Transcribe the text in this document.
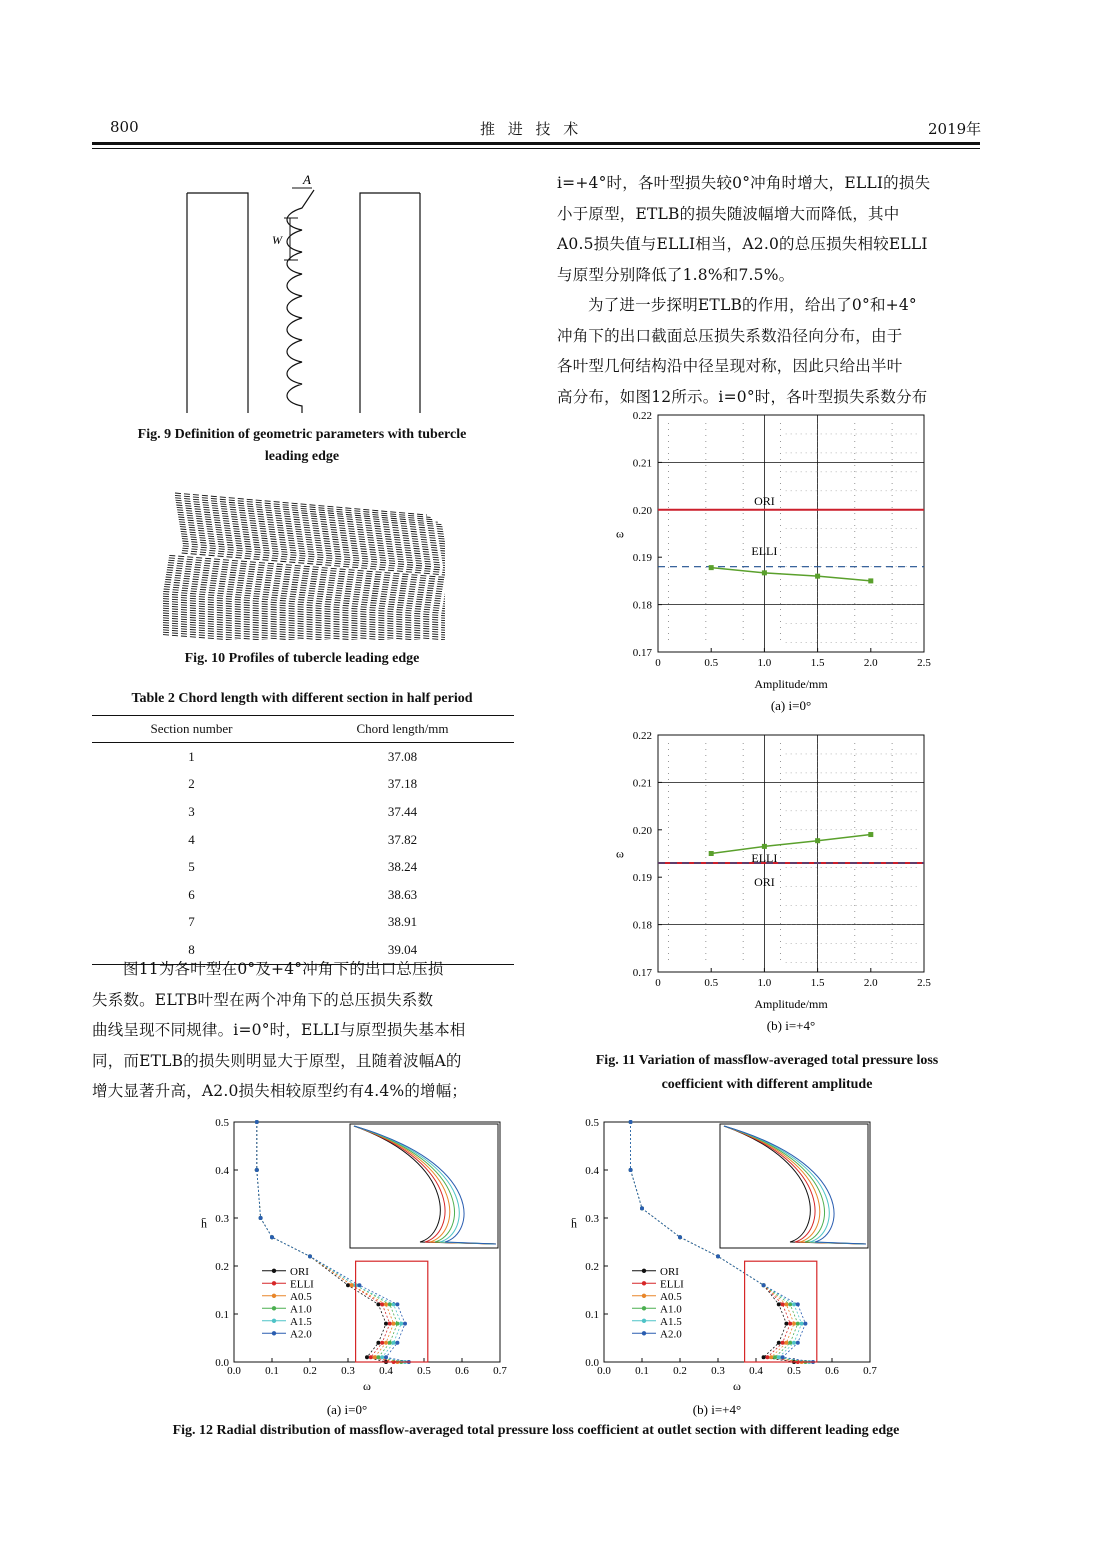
800	推 进 技 术	2019年
A
W
Fig. 9 Definition of geometric parameters with tubercle
leading edge
Fig. 10 Profiles of tubercle leading edge
Table 2 Chord length with different section in half period
Section number	Chord length/mm
1	37.08
2	37.18
3	37.44
4	37.82
5	38.24
6	38.63
7	38.91
8	39.04
图11为各叶型在0°及+4°冲角下的出口总压损
失系数。ELTB叶型在两个冲角下的总压损失系数
曲线呈现不同规律。i=0°时，ELLI与原型损失基本相
同，而ETLB的损失则明显大于原型，且随着波幅A的
增大显著升高，A2.0损失相较原型约有4.4%的增幅；
i=+4°时，各叶型损失较0°冲角时增大，ELLI的损失
小于原型，ETLB的损失随波幅增大而降低，其中
A0.5损失值与ELLI相当，A2.0的总压损失相较ELLI
与原型分别降低了1.8%和7.5%。
为了进一步探明ETLB的作用，给出了0°和+4°
冲角下的出口截面总压损失系数沿径向分布，由于
各叶型几何结构沿中径呈现对称，因此只给出半叶
高分布，如图12所示。i=0°时，各叶型损失系数分布
0	0.5	1.0	1.5	2.0	2.5
0.17
0.18
0.19
0.20
0.21
0.22
Amplitude/mm
ω
ORI
ELLI
(a) i=0°
0	0.5	1.0	1.5	2.0	2.5
0.17
0.18
0.19
0.20
0.21
0.22
Amplitude/mm
ω
ORI
ELLI
(b) i=+4°
Fig. 11 Variation of massflow-averaged total pressure loss
coefficient with different amplitude
0.0 0.1 0.2 0.3 0.4 0.5 0.6 0.7
0.0
0.1
0.2
0.3
0.4
0.5
ω
h̄
ORI
ELLI
A0.5
A1.0
A1.5
A2.0
(a) i=0°
0.0 0.1 0.2 0.3 0.4 0.5 0.6 0.7
0.0
0.1
0.2
0.3
0.4
0.5
ω
h̄
ORI
ELLI
A0.5
A1.0
A1.5
A2.0
(b) i=+4°
Fig. 12 Radial distribution of massflow-averaged total pressure loss coefficient at outlet section with different leading edge
